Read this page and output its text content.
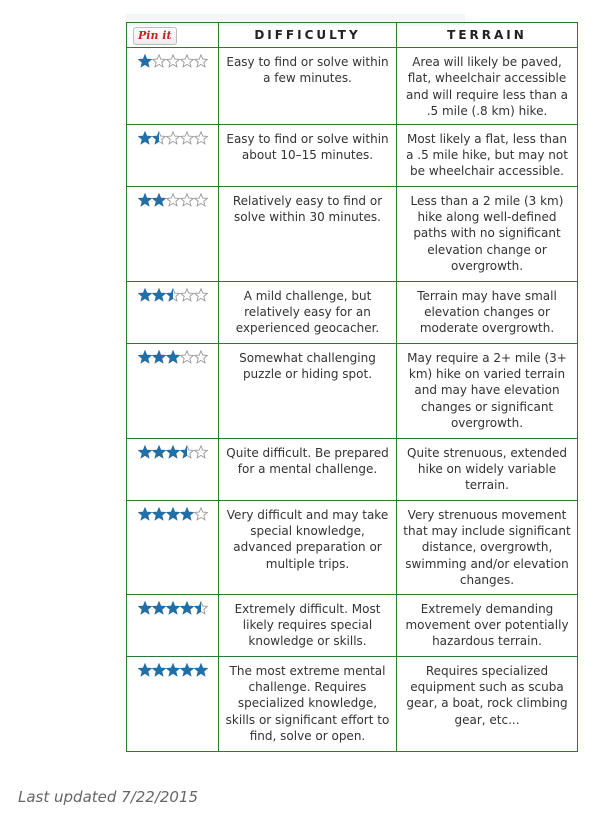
Pin it	DIFFICULTY	TERRAIN

	Easy to find or solve within a few minutes.	Area will likely be paved, flat, wheelchair accessible and will require less than a .5 mile (.8 km) hike.

	Easy to find or solve within about 10–15 minutes.	Most likely a flat, less than a .5 mile hike, but may not be wheelchair accessible.

	Relatively easy to find or solve within 30 minutes.	Less than a 2 mile (3 km) hike along well-defined paths with no significant elevation change or overgrowth.

	A mild challenge, but relatively easy for an experienced geocacher.	Terrain may have small elevation changes or moderate overgrowth.

	Somewhat challenging puzzle or hiding spot.	May require a 2+ mile (3+ km) hike on varied terrain and may have elevation changes or significant overgrowth.

	Quite difficult. Be prepared for a mental challenge.	Quite strenuous, extended hike on widely variable terrain.

	Very difficult and may take special knowledge, advanced preparation or multiple trips.	Very strenuous movement that may include significant distance, overgrowth, swimming and/or elevation changes.

	Extremely difficult. Most likely requires special knowledge or skills.	Extremely demanding movement over potentially hazardous terrain.

	The most extreme mental challenge. Requires specialized knowledge, skills or significant effort to find, solve or open.	Requires specialized equipment such as scuba gear, a boat, rock climbing gear, etc...
Last updated 7/22/2015
